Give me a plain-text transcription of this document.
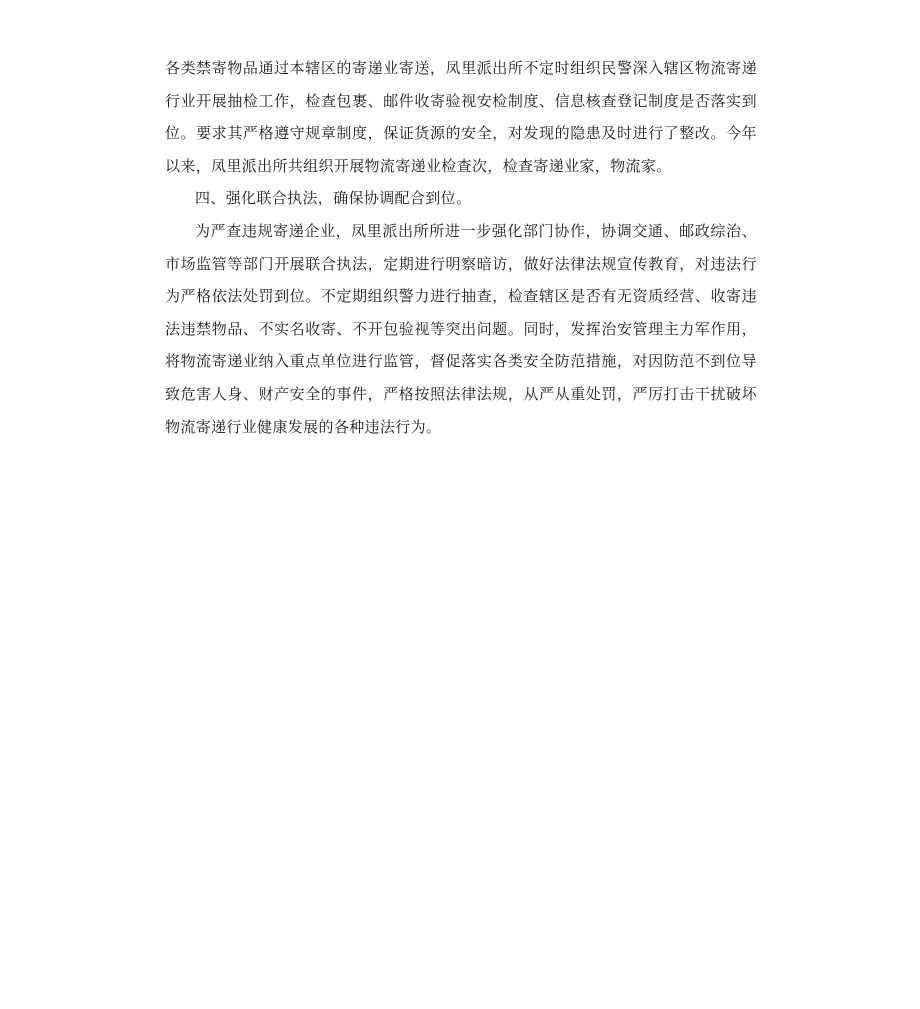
各类禁寄物品通过本辖区的寄递业寄送，凤里派出所不定时组织民警深入辖区物流寄递行业开展抽检工作，检查包裹、邮件收寄验视安检制度、信息核查登记制度是否落实到位。要求其严格遵守规章制度，保证货源的安全，对发现的隐患及时进行了整改。今年以来，凤里派出所共组织开展物流寄递业检查次，检查寄递业家，物流家。

四、强化联合执法，确保协调配合到位。

为严查违规寄递企业，凤里派出所所进一步强化部门协作，协调交通、邮政综治、市场监管等部门开展联合执法，定期进行明察暗访，做好法律法规宣传教育，对违法行为严格依法处罚到位。不定期组织警力进行抽查，检查辖区是否有无资质经营、收寄违法违禁物品、不实名收寄、不开包验视等突出问题。同时，发挥治安管理主力军作用，将物流寄递业纳入重点单位进行监管，督促落实各类安全防范措施，对因防范不到位导致危害人身、财产安全的事件，严格按照法律法规，从严从重处罚，严厉打击干扰破坏物流寄递行业健康发展的各种违法行为。
